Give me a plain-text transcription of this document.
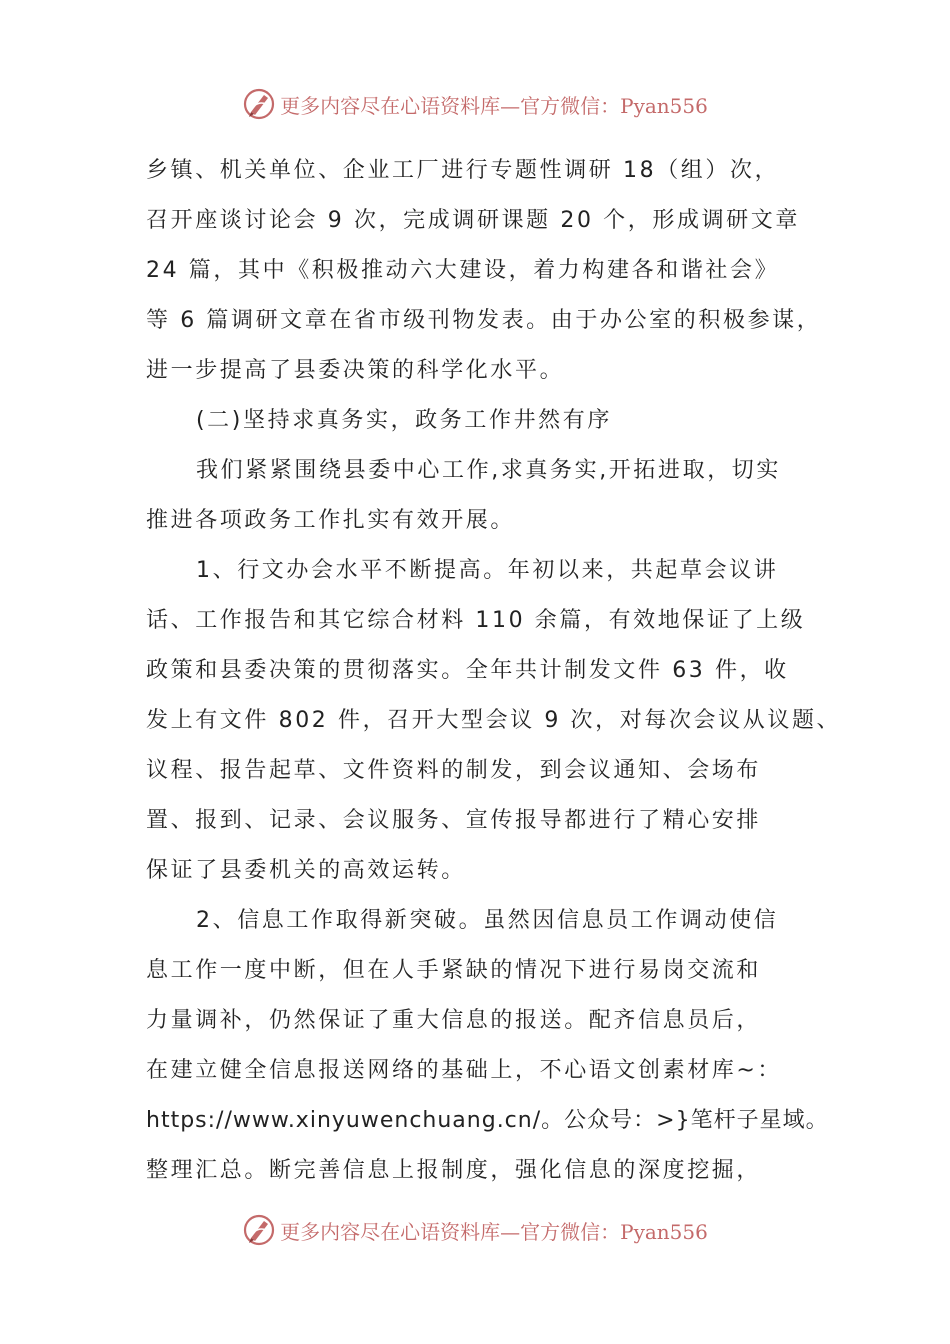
更多内容尽在心语资料库—官方微信：Pyan556
乡镇、机关单位、企业工厂进行专题性调研 18（组）次，
召开座谈讨论会 9 次，完成调研课题 20 个，形成调研文章
24 篇，其中《积极推动六大建设，着力构建各和谐社会》
等 6 篇调研文章在省市级刊物发表。由于办公室的积极参谋，
进一步提高了县委决策的科学化水平。
(二)坚持求真务实，政务工作井然有序
我们紧紧围绕县委中心工作,求真务实,开拓进取，切实
推进各项政务工作扎实有效开展。
1、行文办会水平不断提高。年初以来，共起草会议讲
话、工作报告和其它综合材料 110 余篇，有效地保证了上级
政策和县委决策的贯彻落实。全年共计制发文件 63 件，收
发上有文件 802 件，召开大型会议 9 次，对每次会议从议题、
议程、报告起草、文件资料的制发，到会议通知、会场布
置、报到、记录、会议服务、宣传报导都进行了精心安排
保证了县委机关的高效运转。
2、信息工作取得新突破。虽然因信息员工作调动使信
息工作一度中断，但在人手紧缺的情况下进行易岗交流和
力量调补，仍然保证了重大信息的报送。配齐信息员后，
在建立健全信息报送网络的基础上，不心语文创素材库~：
https://www.xinyuwenchuang.cn/。公众号：>}笔杆子星域。
整理汇总。断完善信息上报制度，强化信息的深度挖掘，
更多内容尽在心语资料库—官方微信：Pyan556
